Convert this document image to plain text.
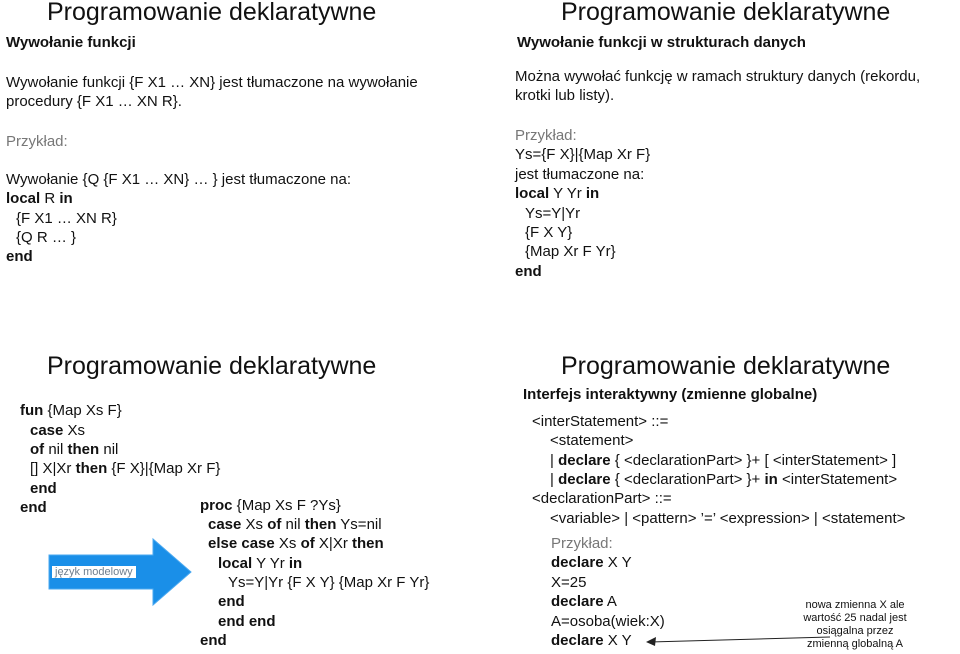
Programowanie deklaratywne
Wywołanie funkcji
Wywołanie funkcji {F X1 … XN} jest tłumaczone na wywołanie
procedury {F X1 … XN R}.
Przykład:
Wywołanie {Q {F X1 … XN} … } jest tłumaczone na:
local R in
{F X1 … XN R}
{Q R … }
end
Programowanie deklaratywne
Wywołanie funkcji w strukturach danych
Można wywołać funkcję w ramach struktury danych (rekordu,
krotki lub listy).
Przykład:
Ys={F X}|{Map Xr F}
jest tłumaczone na:
local Y Yr in
Ys=Y|Yr
{F X Y}
{Map Xr F Yr}
end
Programowanie deklaratywne
fun {Map Xs F}
case Xs
of nil then nil
[] X|Xr then {F X}|{Map Xr F}
end
end
język modelowy
proc {Map Xs F ?Ys}
case Xs of nil then Ys=nil
else case Xs of X|Xr then
local Y Yr in
Ys=Y|Yr {F X Y} {Map Xr F Yr}
end
end end
end
Programowanie deklaratywne
Interfejs interaktywny (zmienne globalne)
<interStatement> ::=
<statement>
| declare { <declarationPart> }+ [ <interStatement> ]
| declare { <declarationPart> }+ in <interStatement>
<declarationPart> ::=
<variable> | <pattern> ’=’ <expression> | <statement>
Przykład:
declare X Y
X=25
declare A
A=osoba(wiek:X)
declare X Y
nowa zmienna X ale
wartość 25 nadal jest
osiągalna przez
zmienną globalną A
